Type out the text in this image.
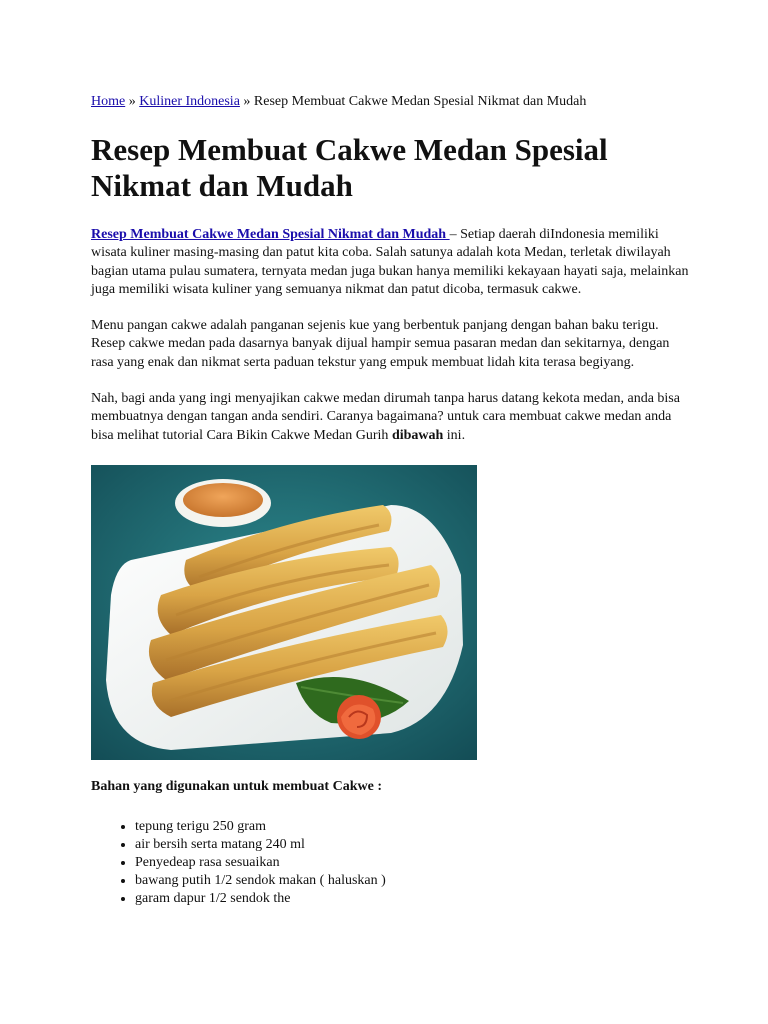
Home » Kuliner Indonesia » Resep Membuat Cakwe Medan Spesial Nikmat dan Mudah
Resep Membuat Cakwe Medan Spesial
Nikmat dan Mudah

Resep Membuat Cakwe Medan Spesial Nikmat dan Mudah – Setiap daerah diIndonesia memiliki wisata kuliner masing-masing dan patut kita coba. Salah satunya adalah kota Medan, terletak diwilayah bagian utama pulau sumatera, ternyata medan juga bukan hanya memiliki kekayaan hayati saja, melainkan juga memiliki wisata kuliner yang semuanya nikmat dan patut dicoba, termasuk cakwe.

Menu pangan cakwe adalah panganan sejenis kue yang berbentuk panjang dengan bahan baku terigu. Resep cakwe medan pada dasarnya banyak dijual hampir semua pasaran medan dan sekitarnya, dengan rasa yang enak dan nikmat serta paduan tekstur yang empuk membuat lidah kita terasa begiyang.

Nah, bagi anda yang ingi menyajikan cakwe medan dirumah tanpa harus datang kekota medan, anda bisa membuatnya dengan tangan anda sendiri. Caranya bagaimana? untuk cara membuat cakwe medan anda bisa melihat tutorial Cara Bikin Cakwe Medan Gurih dibawah ini.

Bahan yang digunakan untuk membuat Cakwe :
• tepung terigu 250 gram
• air bersih serta matang 240 ml
• Penyedeap rasa sesuaikan
• bawang putih 1/2 sendok makan ( haluskan )
• garam dapur 1/2 sendok the
